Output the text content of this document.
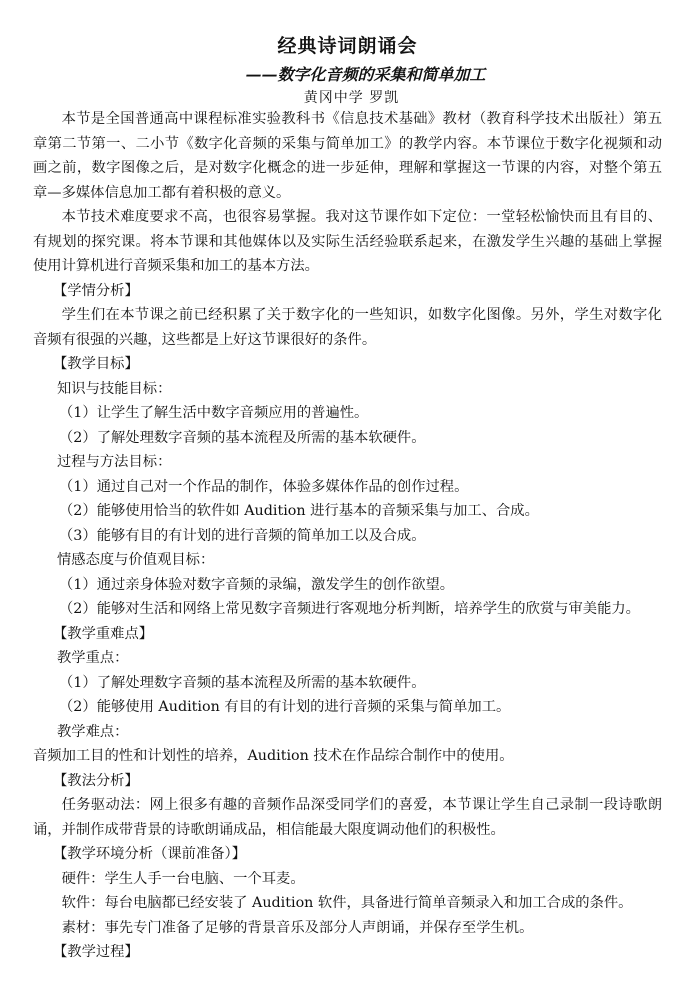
经典诗词朗诵会
——数字化音频的采集和简单加工
黄冈中学 罗凯

本节是全国普通高中课程标准实验教科书《信息技术基础》教材（教育科学技术出版社）第五章第二节第一、二小节《数字化音频的采集与简单加工》的教学内容。本节课位于数字化视频和动画之前，数字图像之后，是对数字化概念的进一步延伸，理解和掌握这一节课的内容，对整个第五章—多媒体信息加工都有着积极的意义。

本节技术难度要求不高，也很容易掌握。我对这节课作如下定位：一堂轻松愉快而且有目的、有规划的探究课。将本节课和其他媒体以及实际生活经验联系起来，在激发学生兴趣的基础上掌握使用计算机进行音频采集和加工的基本方法。

【学情分析】

学生们在本节课之前已经积累了关于数字化的一些知识，如数字化图像。另外，学生对数字化音频有很强的兴趣，这些都是上好这节课很好的条件。

【教学目标】

知识与技能目标：

（1）让学生了解生活中数字音频应用的普遍性。

（2）了解处理数字音频的基本流程及所需的基本软硬件。

过程与方法目标：

（1）通过自己对一个作品的制作，体验多媒体作品的创作过程。

（2）能够使用恰当的软件如 Audition 进行基本的音频采集与加工、合成。

（3）能够有目的有计划的进行音频的简单加工以及合成。

情感态度与价值观目标：

（1）通过亲身体验对数字音频的录编，激发学生的创作欲望。

（2）能够对生活和网络上常见数字音频进行客观地分析判断，培养学生的欣赏与审美能力。

【教学重难点】

教学重点：

（1）了解处理数字音频的基本流程及所需的基本软硬件。

（2）能够使用 Audition 有目的有计划的进行音频的采集与简单加工。

教学难点：

音频加工目的性和计划性的培养，Audition 技术在作品综合制作中的使用。

【教法分析】

任务驱动法：网上很多有趣的音频作品深受同学们的喜爱，本节课让学生自己录制一段诗歌朗诵，并制作成带背景的诗歌朗诵成品，相信能最大限度调动他们的积极性。

【教学环境分析（课前准备）】

硬件：学生人手一台电脑、一个耳麦。

软件：每台电脑都已经安装了 Audition 软件，具备进行简单音频录入和加工合成的条件。

素材：事先专门准备了足够的背景音乐及部分人声朗诵，并保存至学生机。

【教学过程】
